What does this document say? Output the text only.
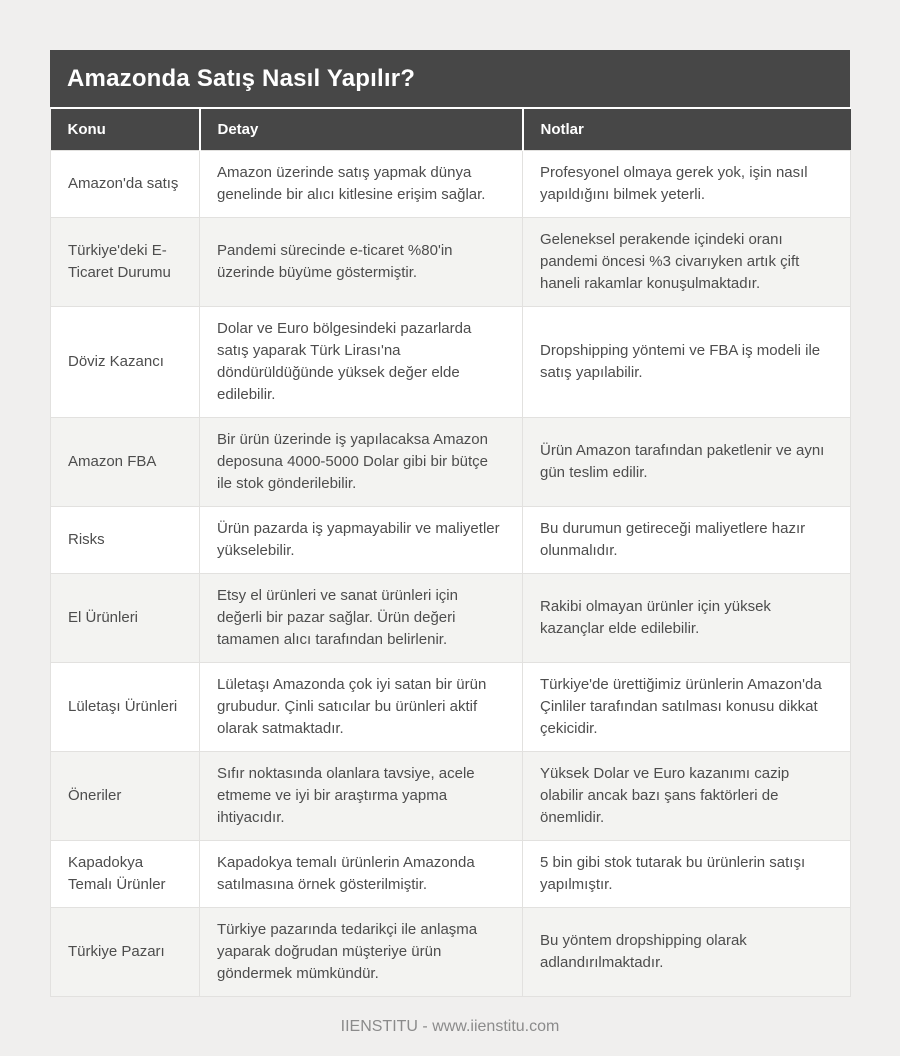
Amazonda Satış Nasıl Yapılır?
Konu	Detay	Notlar
Amazon'da satış	Amazon üzerinde satış yapmak dünya genelinde bir alıcı kitlesine erişim sağlar.	Profesyonel olmaya gerek yok, işin nasıl yapıldığını bilmek yeterli.
Türkiye'deki E-Ticaret Durumu	Pandemi sürecinde e-ticaret %80'in üzerinde büyüme göstermiştir.	Geleneksel perakende içindeki oranı pandemi öncesi %3 civarıyken artık çift haneli rakamlar konuşulmaktadır.
Döviz Kazancı	Dolar ve Euro bölgesindeki pazarlarda satış yaparak Türk Lirası'na döndürüldüğünde yüksek değer elde edilebilir.	Dropshipping yöntemi ve FBA iş modeli ile satış yapılabilir.
Amazon FBA	Bir ürün üzerinde iş yapılacaksa Amazon deposuna 4000-5000 Dolar gibi bir bütçe ile stok gönderilebilir.	Ürün Amazon tarafından paketlenir ve aynı gün teslim edilir.
Risks	Ürün pazarda iş yapmayabilir ve maliyetler yükselebilir.	Bu durumun getireceği maliyetlere hazır olunmalıdır.
El Ürünleri	Etsy el ürünleri ve sanat ürünleri için değerli bir pazar sağlar. Ürün değeri tamamen alıcı tarafından belirlenir.	Rakibi olmayan ürünler için yüksek kazançlar elde edilebilir.
Lületaşı Ürünleri	Lületaşı Amazonda çok iyi satan bir ürün grubudur. Çinli satıcılar bu ürünleri aktif olarak satmaktadır.	Türkiye'de ürettiğimiz ürünlerin Amazon'da Çinliler tarafından satılması konusu dikkat çekicidir.
Öneriler	Sıfır noktasında olanlara tavsiye, acele etmeme ve iyi bir araştırma yapma ihtiyacıdır.	Yüksek Dolar ve Euro kazanımı cazip olabilir ancak bazı şans faktörleri de önemlidir.
Kapadokya Temalı Ürünler	Kapadokya temalı ürünlerin Amazonda satılmasına örnek gösterilmiştir.	5 bin gibi stok tutarak bu ürünlerin satışı yapılmıştır.
Türkiye Pazarı	Türkiye pazarında tedarikçi ile anlaşma yaparak doğrudan müşteriye ürün göndermek mümkündür.	Bu yöntem dropshipping olarak adlandırılmaktadır.
IIENSTITU - www.iienstitu.com
